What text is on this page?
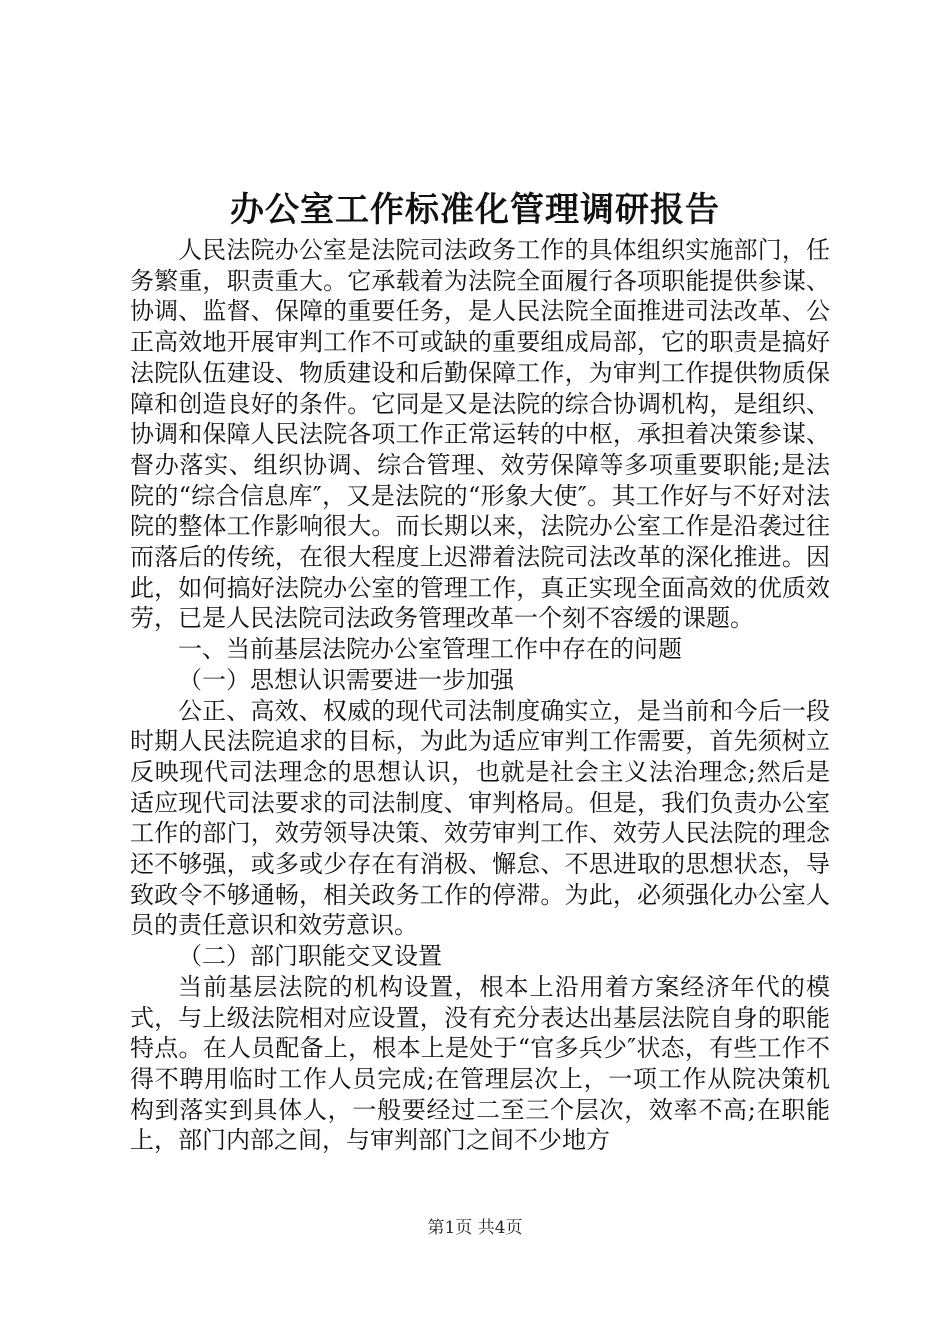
办公室工作标准化管理调研报告

人民法院办公室是法院司法政务工作的具体组织实施部门，任务繁重，职责重大。它承载着为法院全面履行各项职能提供参谋、协调、监督、保障的重要任务，是人民法院全面推进司法改革、公正高效地开展审判工作不可或缺的重要组成局部，它的职责是搞好法院队伍建设、物质建设和后勤保障工作，为审判工作提供物质保障和创造良好的条件。它同是又是法院的综合协调机构，是组织、协调和保障人民法院各项工作正常运转的中枢，承担着决策参谋、督办落实、组织协调、综合管理、效劳保障等多项重要职能;是法院的“综合信息库″，又是法院的“形象大使″。其工作好与不好对法院的整体工作影响很大。而长期以来，法院办公室工作是沿袭过往而落后的传统，在很大程度上迟滞着法院司法改革的深化推进。因此，如何搞好法院办公室的管理工作，真正实现全面高效的优质效劳，已是人民法院司法政务管理改革一个刻不容缓的课题。

一、当前基层法院办公室管理工作中存在的问题

（一）思想认识需要进一步加强

公正、高效、权威的现代司法制度确实立，是当前和今后一段时期人民法院追求的目标，为此为适应审判工作需要，首先须树立反映现代司法理念的思想认识，也就是社会主义法治理念;然后是适应现代司法要求的司法制度、审判格局。但是，我们负责办公室工作的部门，效劳领导决策、效劳审判工作、效劳人民法院的理念还不够强，或多或少存在有消极、懈怠、不思进取的思想状态，导致政令不够通畅，相关政务工作的停滞。为此，必须强化办公室人员的责任意识和效劳意识。

（二）部门职能交叉设置

当前基层法院的机构设置，根本上沿用着方案经济年代的模式，与上级法院相对应设置，没有充分表达出基层法院自身的职能特点。在人员配备上，根本上是处于“官多兵少″状态，有些工作不得不聘用临时工作人员完成;在管理层次上，一项工作从院决策机构到落实到具体人，一般要经过二至三个层次，效率不高;在职能上，部门内部之间，与审判部门之间不少地方

第1页 共4页
